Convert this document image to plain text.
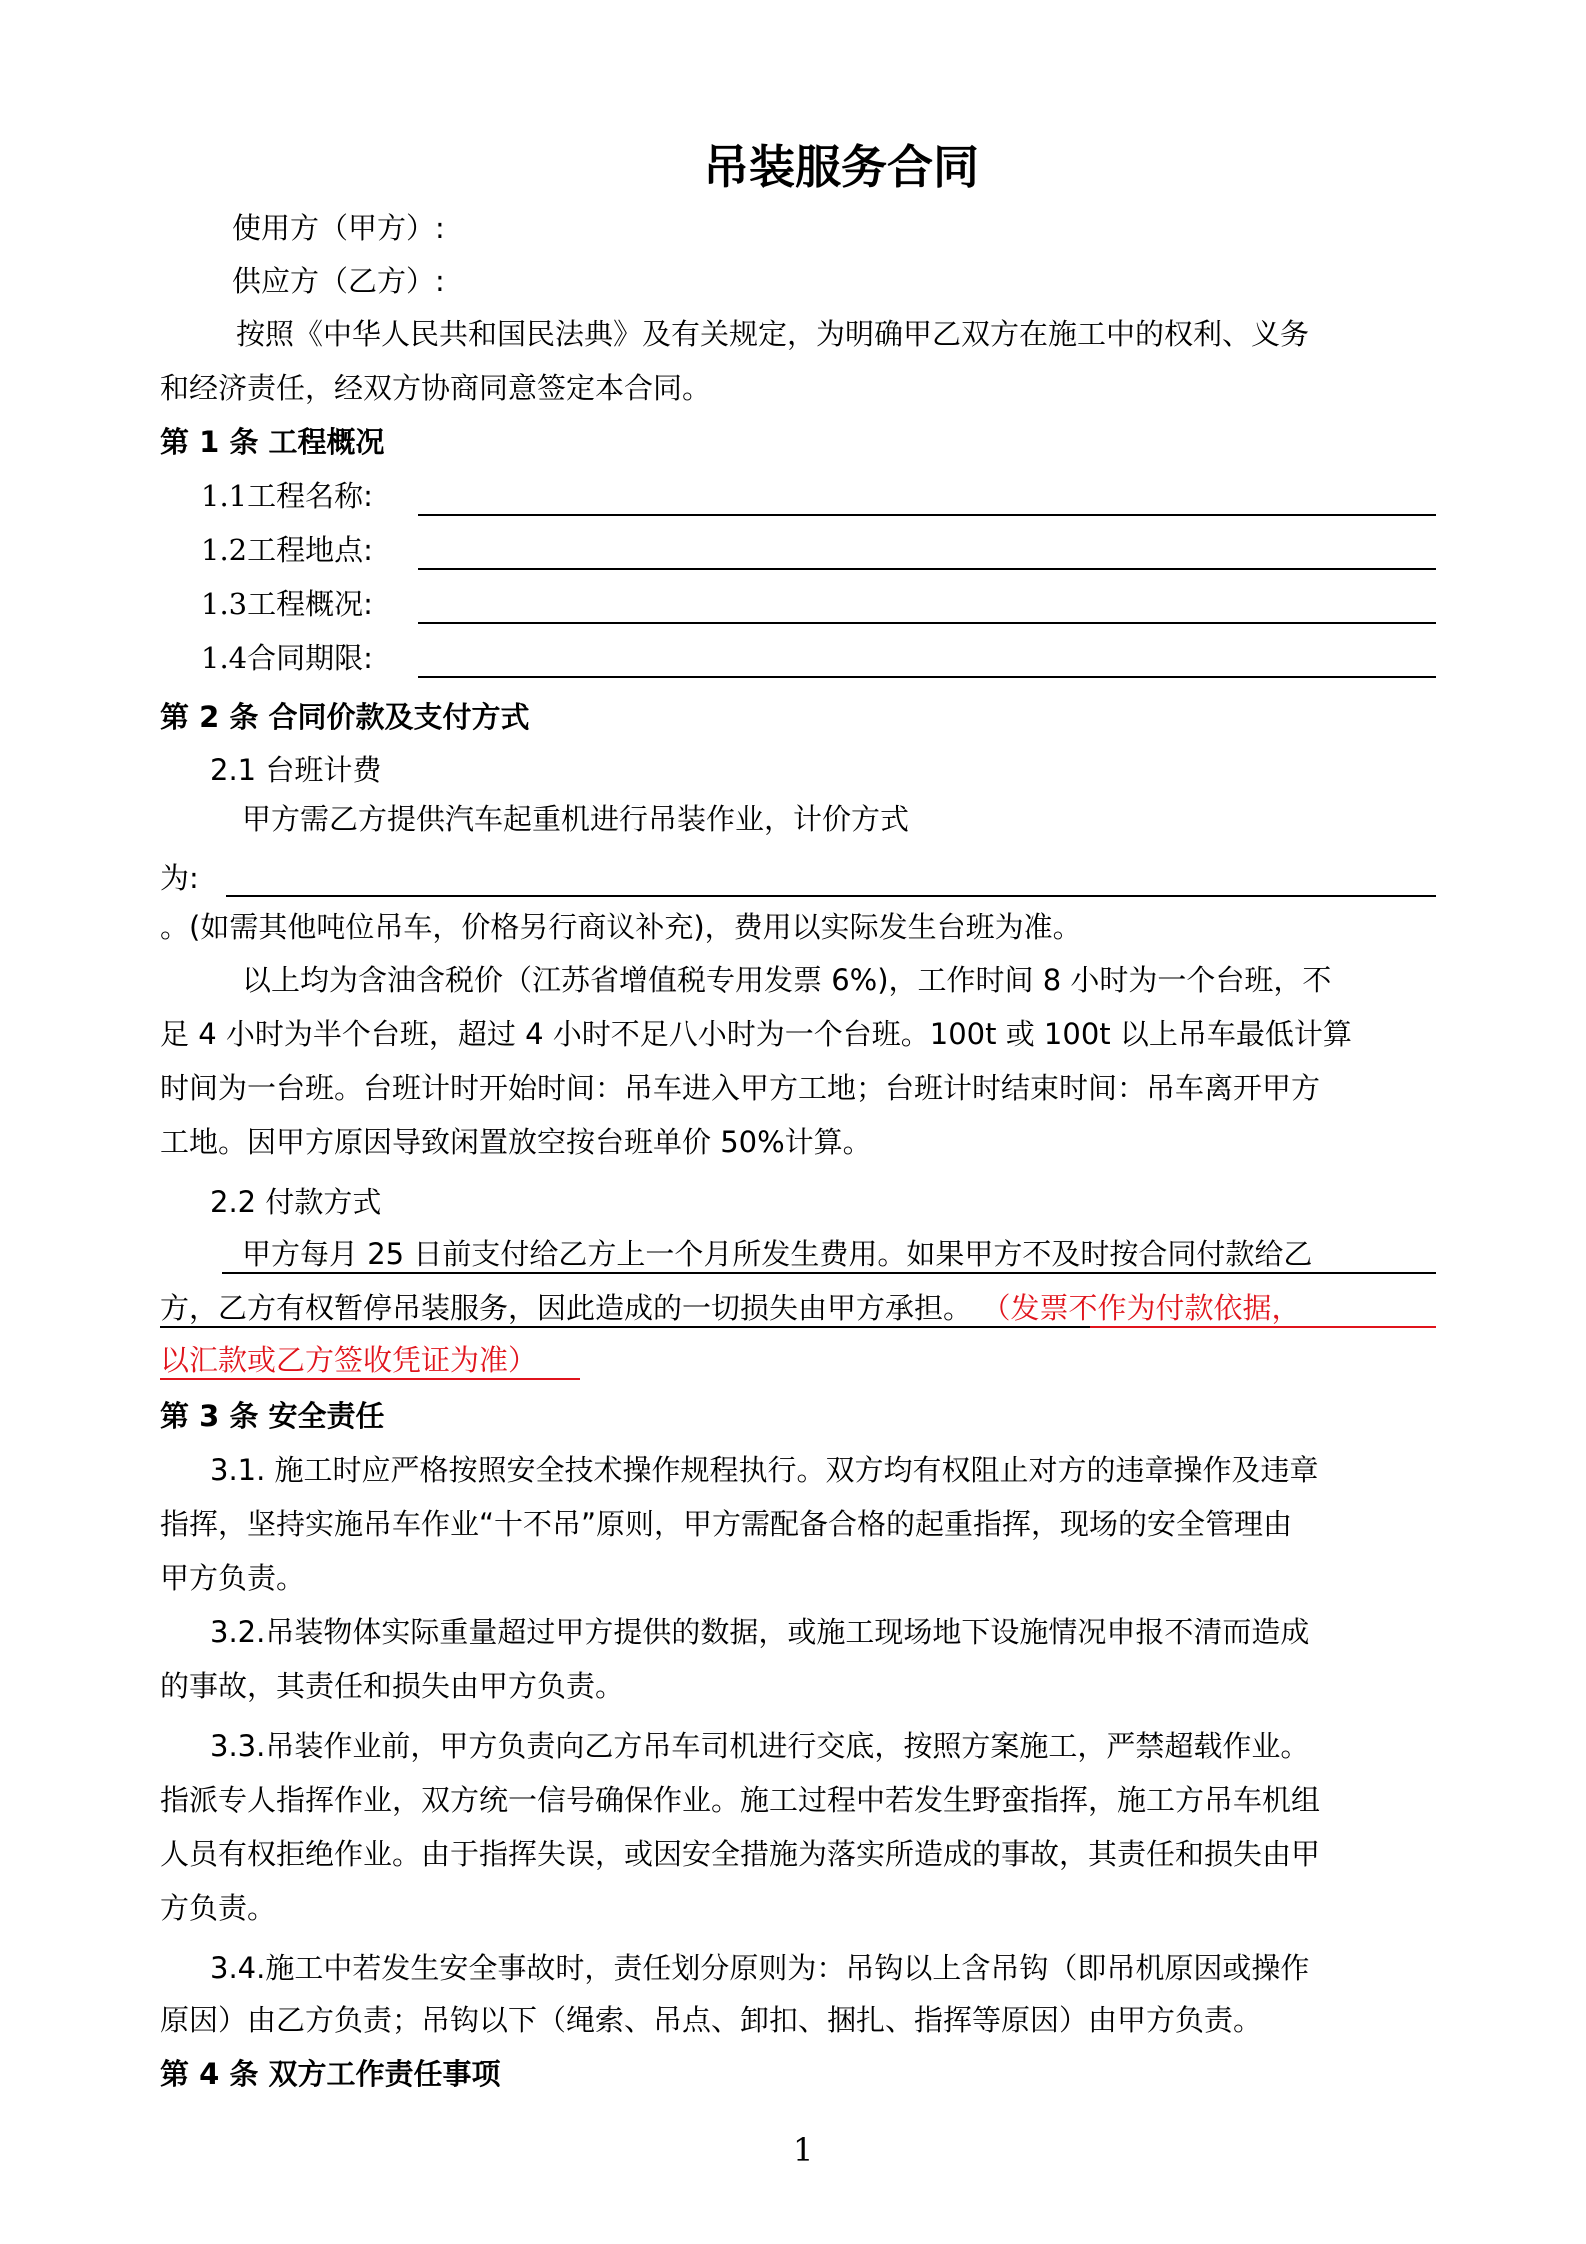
吊装服务合同
使用方（甲方）:
供应方（乙方）:
按照《中华人民共和国民法典》及有关规定，为明确甲乙双方在施工中的权利、义务
和经济责任，经双方协商同意签定本合同。
第 1 条 工程概况
1.1工程名称:
1.2工程地点:
1.3工程概况:
1.4合同期限:
第 2 条 合同价款及支付方式
2.1 台班计费
甲方需乙方提供汽车起重机进行吊装作业，计价方式
为:
。(如需其他吨位吊车，价格另行商议补充)，费用以实际发生台班为准。
以上均为含油含税价（江苏省增值税专用发票 6%)，工作时间 8 小时为一个台班，不
足 4 小时为半个台班，超过 4 小时不足八小时为一个台班。100t 或 100t 以上吊车最低计算
时间为一台班。台班计时开始时间：吊车进入甲方工地；台班计时结束时间：吊车离开甲方
工地。因甲方原因导致闲置放空按台班单价 50%计算。
2.2 付款方式
甲方每月 25 日前支付给乙方上一个月所发生费用。如果甲方不及时按合同付款给乙
方，乙方有权暂停吊装服务，因此造成的一切损失由甲方承担。 （发票不作为付款依据，
以汇款或乙方签收凭证为准）
第 3 条 安全责任
3.1. 施工时应严格按照安全技术操作规程执行。双方均有权阻止对方的违章操作及违章
指挥，坚持实施吊车作业“十不吊”原则，甲方需配备合格的起重指挥，现场的安全管理由
甲方负责。
3.2.吊装物体实际重量超过甲方提供的数据，或施工现场地下设施情况申报不清而造成
的事故，其责任和损失由甲方负责。
3.3.吊装作业前，甲方负责向乙方吊车司机进行交底，按照方案施工，严禁超载作业。
指派专人指挥作业，双方统一信号确保作业。施工过程中若发生野蛮指挥，施工方吊车机组
人员有权拒绝作业。由于指挥失误，或因安全措施为落实所造成的事故，其责任和损失由甲
方负责。
3.4.施工中若发生安全事故时，责任划分原则为：吊钩以上含吊钩（即吊机原因或操作
原因）由乙方负责；吊钩以下（绳索、吊点、卸扣、捆扎、指挥等原因）由甲方负责。
第 4 条 双方工作责任事项
1
